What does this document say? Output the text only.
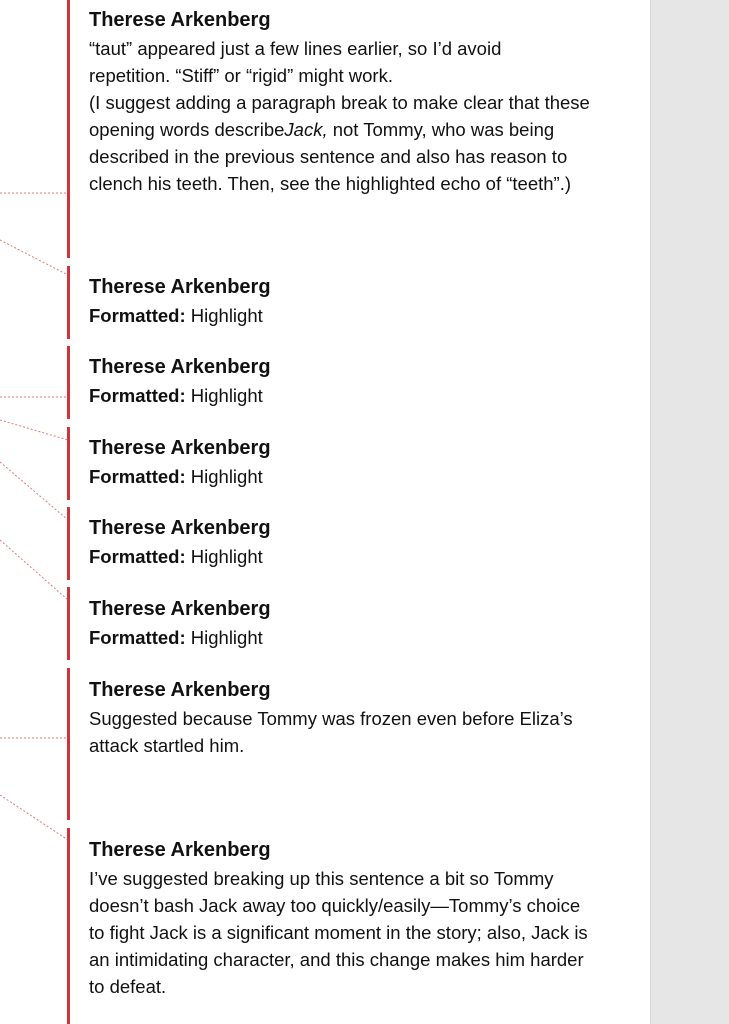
Therese Arkenberg
“taut” appeared just a few lines earlier, so I’d avoid
repetition. “Stiff” or “rigid” might work.
(I suggest adding a paragraph break to make clear that these
opening words describeJack, not Tommy, who was being
described in the previous sentence and also has reason to
clench his teeth. Then, see the highlighted echo of “teeth”.)
Therese Arkenberg
Formatted: Highlight
Therese Arkenberg
Formatted: Highlight
Therese Arkenberg
Formatted: Highlight
Therese Arkenberg
Formatted: Highlight
Therese Arkenberg
Formatted: Highlight
Therese Arkenberg
Suggested because Tommy was frozen even before Eliza’s
attack startled him.
Therese Arkenberg
I’ve suggested breaking up this sentence a bit so Tommy
doesn’t bash Jack away too quickly/easily—Tommy’s choice
to fight Jack is a significant moment in the story; also, Jack is
an intimidating character, and this change makes him harder
to defeat.
